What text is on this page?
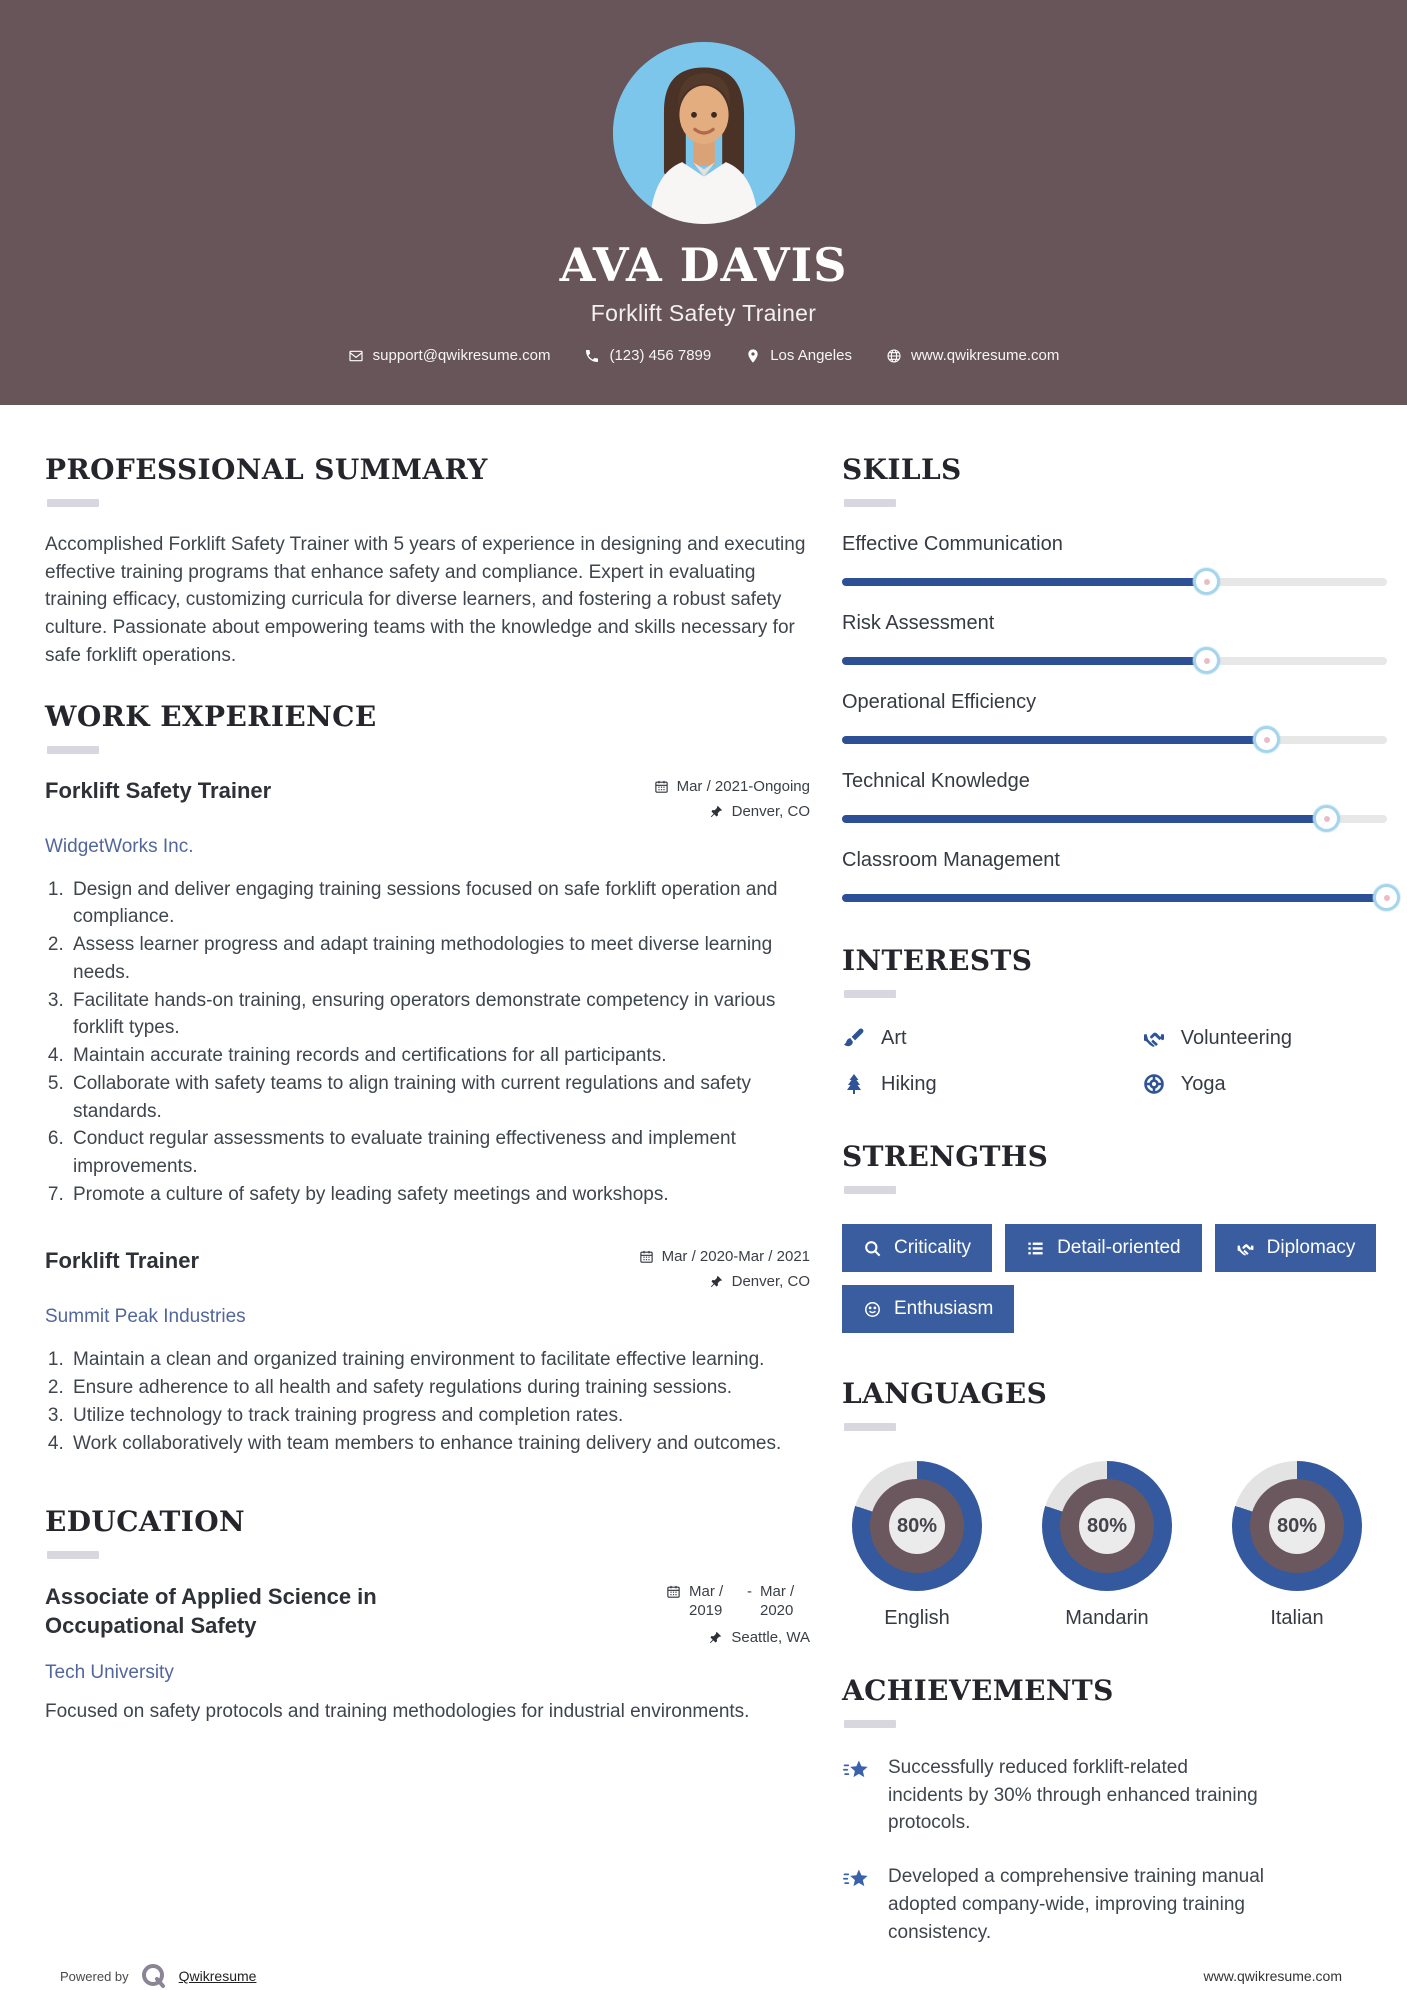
AVA DAVIS
Forklift Safety Trainer
support@qwikresume.com	(123) 456 7899	Los Angeles	www.qwikresume.com
PROFESSIONAL SUMMARY

Accomplished Forklift Safety Trainer with 5 years of experience in designing and executing effective training programs that enhance safety and compliance. Expert in evaluating training efficacy, customizing curricula for diverse learners, and fostering a robust safety culture. Passionate about empowering teams with the knowledge and skills necessary for safe forklift operations.

WORK EXPERIENCE
Forklift Safety Trainer	Mar / 2021-Ongoing
Denver, CO
WidgetWorks Inc.
1. Design and deliver engaging training sessions focused on safe forklift operation and compliance.
2. Assess learner progress and adapt training methodologies to meet diverse learning needs.
3. Facilitate hands-on training, ensuring operators demonstrate competency in various forklift types.
4. Maintain accurate training records and certifications for all participants.
5. Collaborate with safety teams to align training with current regulations and safety standards.
6. Conduct regular assessments to evaluate training effectiveness and implement improvements.
7. Promote a culture of safety by leading safety meetings and workshops.
Forklift Trainer	Mar / 2020-Mar / 2021
Denver, CO
Summit Peak Industries
1. Maintain a clean and organized training environment to facilitate effective learning.
2. Ensure adherence to all health and safety regulations during training sessions.
3. Utilize technology to track training progress and completion rates.
4. Work collaboratively with team members to enhance training delivery and outcomes.
EDUCATION
Associate of Applied Science in Occupational Safety
Mar / 2019
- Mar / 2020
Seattle, WA
Tech University

Focused on safety protocols and training methodologies for industrial environments.

SKILLS
Effective Communication
Risk Assessment
Operational Efficiency
Technical Knowledge
Classroom Management
INTERESTS
Art	Volunteering
Hiking	Yoga
STRENGTHS
Criticality	Detail-oriented	Diplomacy
Enthusiasm
LANGUAGES
80%
English
80%
Mandarin
80%
Italian
ACHIEVEMENTS
Successfully reduced forklift-related incidents by 30% through enhanced training protocols.
Developed a comprehensive training manual adopted company-wide, improving training consistency.
Powered by	Qwikresume	www.qwikresume.com
